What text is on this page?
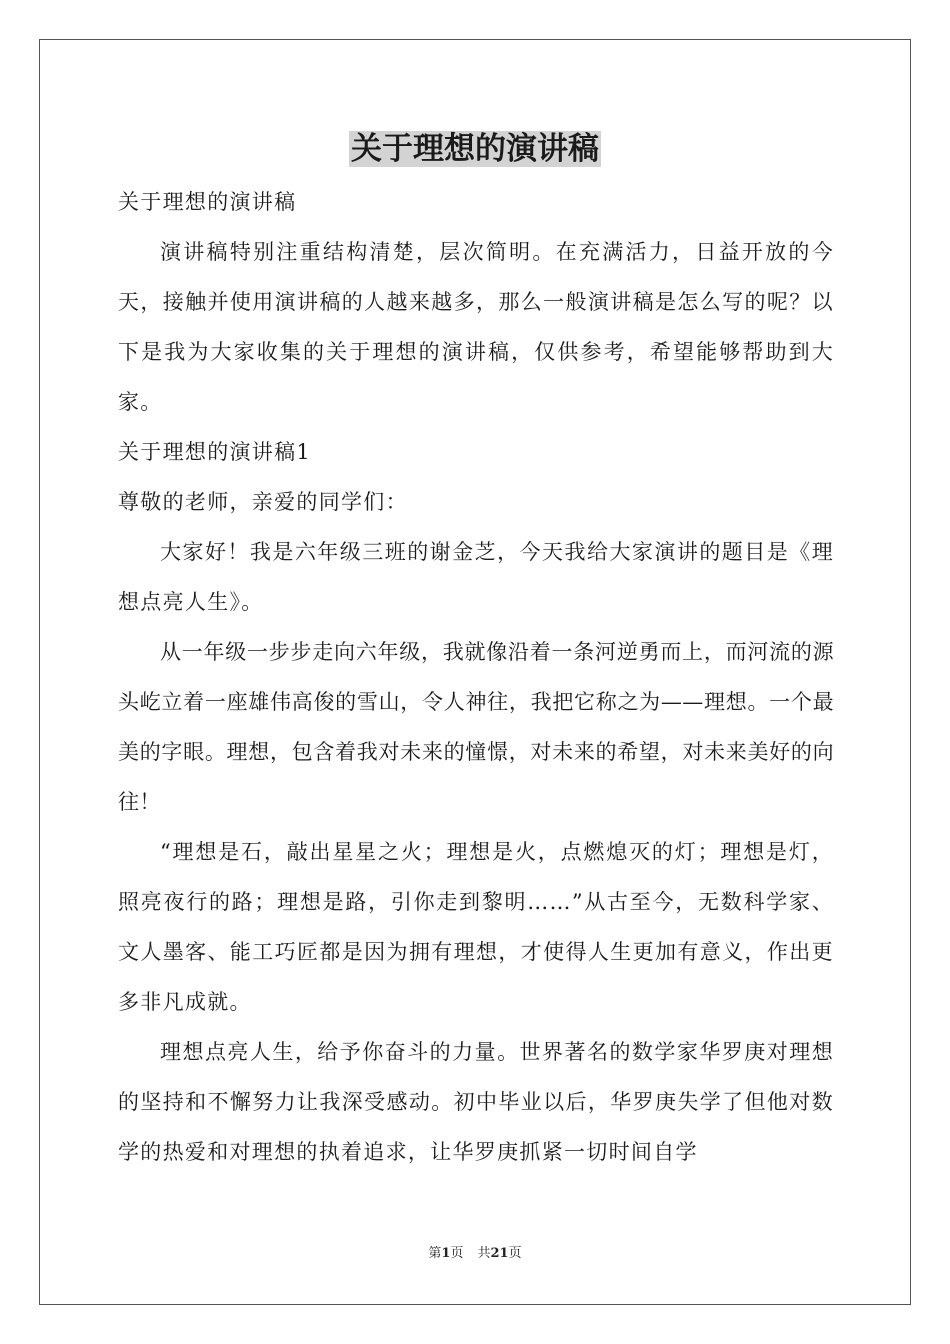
关于理想的演讲稿

关于理想的演讲稿

演讲稿特别注重结构清楚，层次简明。在充满活力，日益开放的今天，接触并使用演讲稿的人越来越多，那么一般演讲稿是怎么写的呢？以下是我为大家收集的关于理想的演讲稿，仅供参考，希望能够帮助到大家。

关于理想的演讲稿1

尊敬的老师，亲爱的同学们：

大家好！我是六年级三班的谢金芝，今天我给大家演讲的题目是《理想点亮人生》。

从一年级一步步走向六年级，我就像沿着一条河逆勇而上，而河流的源头屹立着一座雄伟高俊的雪山，令人神往，我把它称之为——理想。一个最美的字眼。理想，包含着我对未来的憧憬，对未来的希望，对未来美好的向往！

“理想是石，敲出星星之火；理想是火，点燃熄灭的灯；理想是灯，照亮夜行的路；理想是路，引你走到黎明……”从古至今，无数科学家、文人墨客、能工巧匠都是因为拥有理想，才使得人生更加有意义，作出更多非凡成就。

理想点亮人生，给予你奋斗的力量。世界著名的数学家华罗庚对理想的坚持和不懈努力让我深受感动。初中毕业以后，华罗庚失学了但他对数学的热爱和对理想的执着追求，让华罗庚抓紧一切时间自学

第1页 共21页
